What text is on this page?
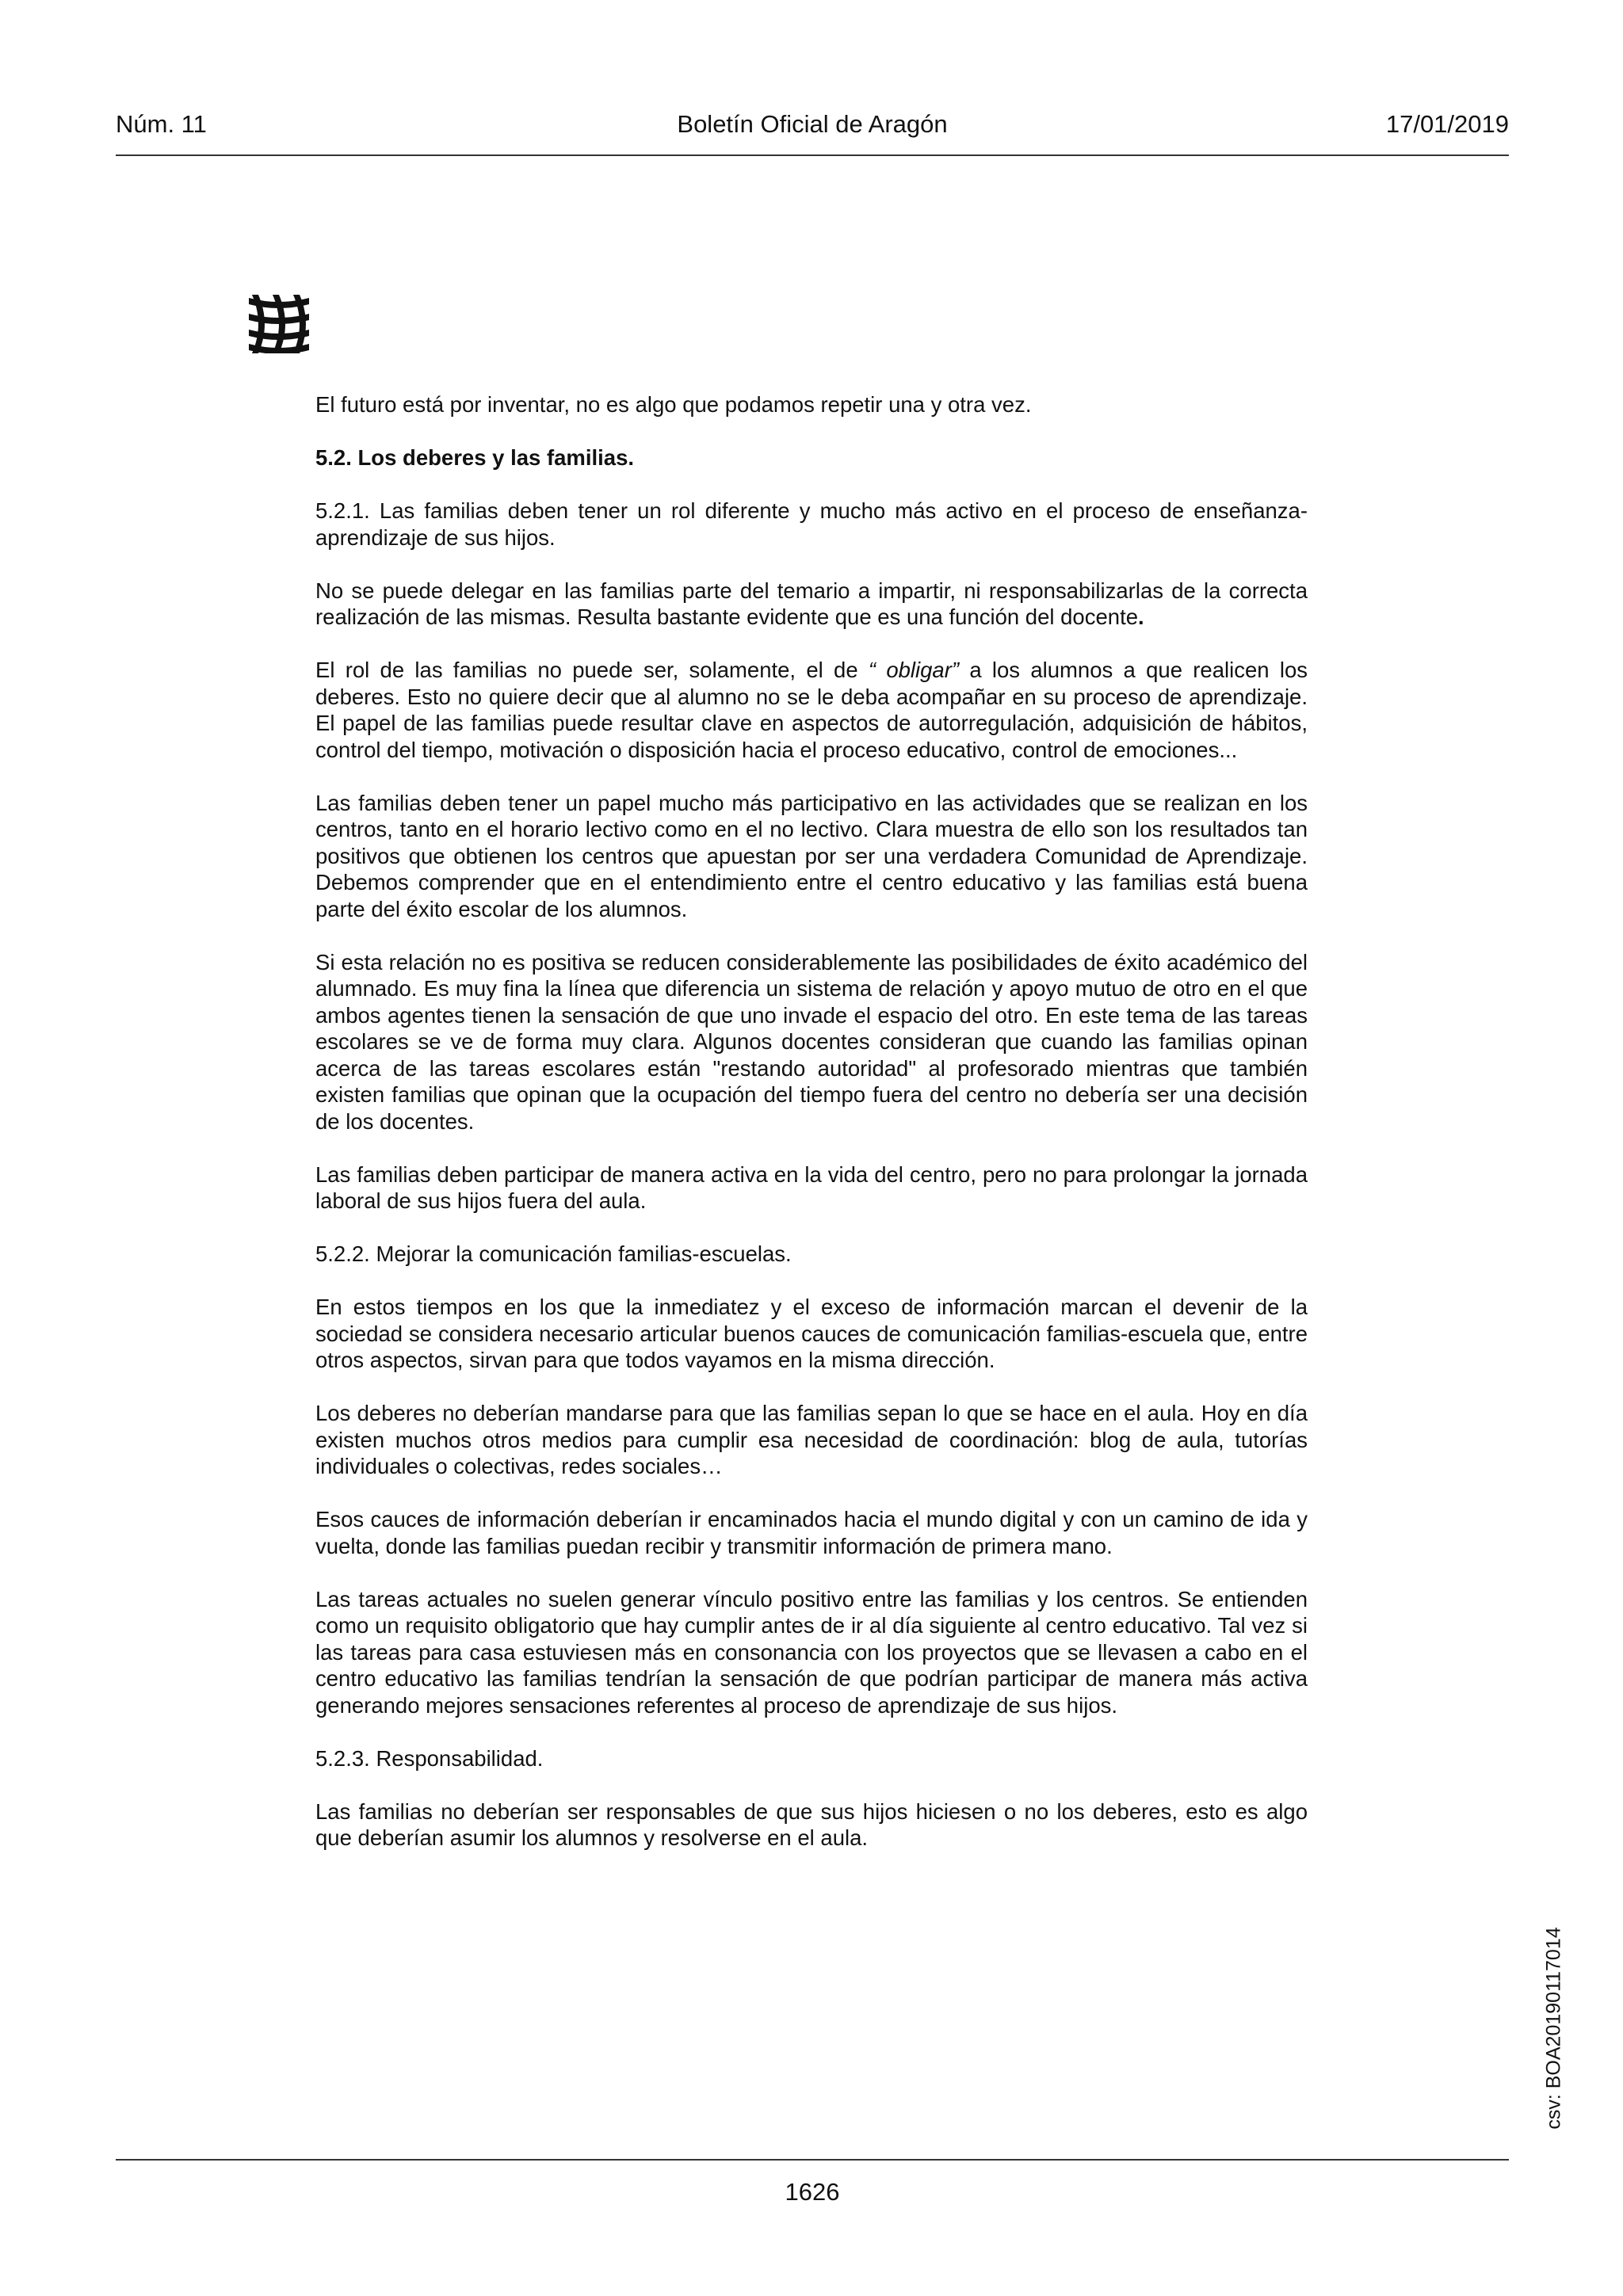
Núm. 11	Boletín Oficial de Aragón	17/01/2019

El futuro está por inventar, no es algo que podamos repetir una y otra vez.

5.2. Los deberes y las familias.

5.2.1. Las familias deben tener un rol diferente y mucho más activo en el proceso de enseñanza-aprendizaje de sus hijos.

No se puede delegar en las familias parte del temario a impartir, ni responsabilizarlas de la correcta realización de las mismas. Resulta bastante evidente que es una función del docente.

El rol de las familias no puede ser, solamente, el de “ obligar” a los alumnos a que realicen los deberes. Esto no quiere decir que al alumno no se le deba acompañar en su proceso de aprendizaje. El papel de las familias puede resultar clave en aspectos de autorregulación, adquisición de hábitos, control del tiempo, motivación o disposición hacia el proceso educativo, control de emociones...

Las familias deben tener un papel mucho más participativo en las actividades que se realizan en los centros, tanto en el horario lectivo como en el no lectivo. Clara muestra de ello son los resultados tan positivos que obtienen los centros que apuestan por ser una verdadera Comunidad de Aprendizaje. Debemos comprender que en el entendimiento entre el centro educativo y las familias está buena parte del éxito escolar de los alumnos.

Si esta relación no es positiva se reducen considerablemente las posibilidades de éxito académico del alumnado. Es muy fina la línea que diferencia un sistema de relación y apoyo mutuo de otro en el que ambos agentes tienen la sensación de que uno invade el espacio del otro. En este tema de las tareas escolares se ve de forma muy clara. Algunos docentes consideran que cuando las familias opinan acerca de las tareas escolares están "restando autoridad" al profesorado mientras que también existen familias que opinan que la ocupación del tiempo fuera del centro no debería ser una decisión de los docentes.

Las familias deben participar de manera activa en la vida del centro, pero no para prolongar la jornada laboral de sus hijos fuera del aula.

5.2.2. Mejorar la comunicación familias-escuelas.

En estos tiempos en los que la inmediatez y el exceso de información marcan el devenir de la sociedad se considera necesario articular buenos cauces de comunicación familias-escuela que, entre otros aspectos, sirvan para que todos vayamos en la misma dirección.

Los deberes no deberían mandarse para que las familias sepan lo que se hace en el aula. Hoy en día existen muchos otros medios para cumplir esa necesidad de coordinación: blog de aula, tutorías individuales o colectivas, redes sociales…

Esos cauces de información deberían ir encaminados hacia el mundo digital y con un camino de ida y vuelta, donde las familias puedan recibir y transmitir información de primera mano.

Las tareas actuales no suelen generar vínculo positivo entre las familias y los centros. Se entienden como un requisito obligatorio que hay cumplir antes de ir al día siguiente al centro educativo. Tal vez si las tareas para casa estuviesen más en consonancia con los proyectos que se llevasen a cabo en el centro educativo las familias tendrían la sensación de que podrían participar de manera más activa generando mejores sensaciones referentes al proceso de aprendizaje de sus hijos.

5.2.3. Responsabilidad.

Las familias no deberían ser responsables de que sus hijos hiciesen o no los deberes, esto es algo que deberían asumir los alumnos y resolverse en el aula.

csv: BOA20190117014
1626
